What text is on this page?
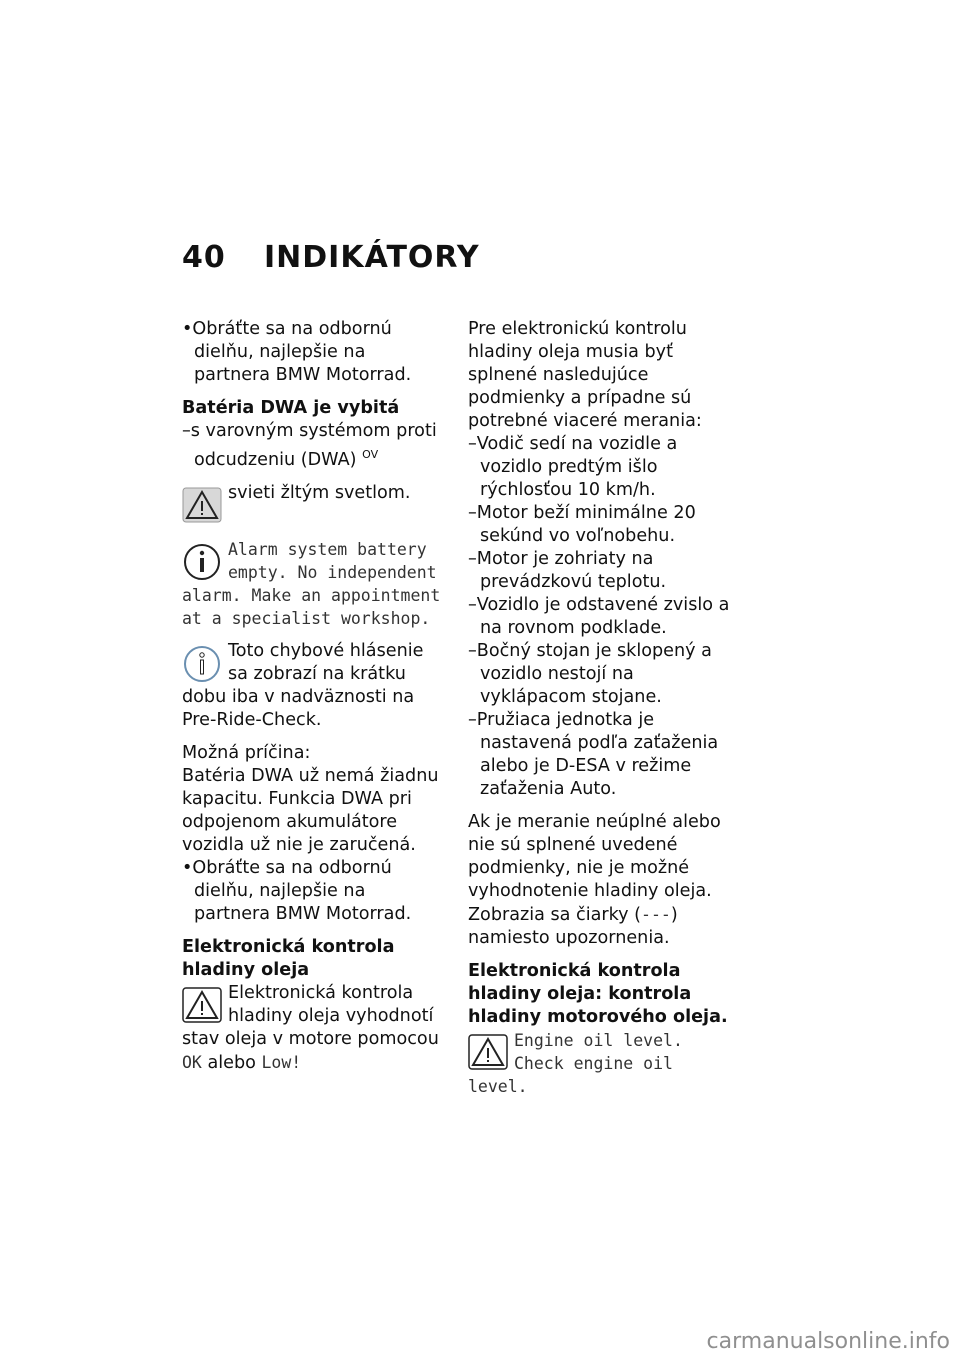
40 INDIKÁTORY

•Obráťte sa na odbornú dielňu, najlepšie na partnera BMW Motorrad.

Batéria DWA je vybitá

–s varovným systémom proti odcudzeniu (DWA) $^{OV}$

svieti žltým svetlom.

Alarm system battery empty. No independent alarm. Make an appointment at a specialist workshop.

Toto chybové hlásenie sa zobrazí na krátku dobu iba v nadväznosti na Pre-Ride-Check.

Možná príčina:

Batéria DWA už nemá žiadnu kapacitu. Funkcia DWA pri odpojenom akumulátore vozidla už nie je zaručená.

•Obráťte sa na odbornú dielňu, najlepšie na partnera BMW Motorrad.

Elektronická kontrola hladiny oleja

Elektronická kontrola hladiny oleja vyhodnotí stav oleja v motore pomocou OK alebo Low!

Pre elektronickú kontrolu hladiny oleja musia byť splnené nasledujúce podmienky a prípadne sú potrebné viaceré merania:

–Vodič sedí na vozidle a vozidlo predtým išlo rýchlosťou 10 km/h.

–Motor beží minimálne 20 sekúnd vo voľnobehu.

–Motor je zohriaty na prevádzkovú teplotu.

–Vozidlo je odstavené zvislo a na rovnom podklade.

–Bočný stojan je sklopený a vozidlo nestojí na vyklápacom stojane.

–Pružiaca jednotka je nastavená podľa zaťaženia alebo je D-ESA v režime zaťaženia Auto.

Ak je meranie neúplné alebo nie sú splnené uvedené podmienky, nie je možné vyhodnotenie hladiny oleja. Zobrazia sa čiarky (---) namiesto upozornenia.

Elektronická kontrola hladiny oleja: kontrola hladiny motorového oleja.

Engine oil level. Check engine oil level.

carmanualsonline.info
